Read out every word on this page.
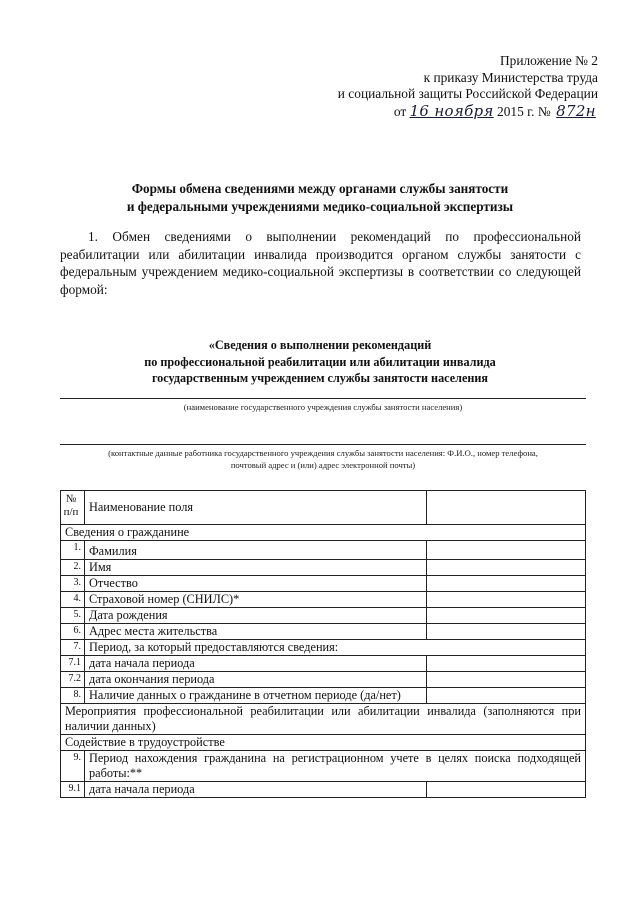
Приложение № 2
к приказу Министерства труда
и социальной защиты Российской Федерации
от 16 ноября 2015 г. № 872н
Формы обмена сведениями между органами службы занятости
и федеральными учреждениями медико-социальной экспертизы
1. Обмен сведениями о выполнении рекомендаций по профессиональной реабилитации или абилитации инвалида производится органом службы занятости с федеральным учреждением медико-социальной экспертизы в соответствии со следующей формой:
«Сведения о выполнении рекомендаций
по профессиональной реабилитации или абилитации инвалида
государственным учреждением службы занятости населения
(наименование государственного учреждения службы занятости населения)
(контактные данные работника государственного учреждения службы занятости населения: Ф.И.О., номер телефона,
почтовый адрес и (или) адрес электронной почты)
№ п/п	Наименование поля	
Сведения о гражданине		
1.	Фамилия	
2.	Имя	
3.	Отчество	
4.	Страховой номер (СНИЛС)*	
5.	Дата рождения	
6.	Адрес места жительства	
7.	Период, за который предоставляются сведения:	
7.1	дата начала периода	
7.2	дата окончания периода	
8.	Наличие данных о гражданине в отчетном периоде (да/нет)	
Мероприятия профессиональной реабилитации или абилитации инвалида (заполняются при наличии данных)		
Содействие в трудоустройстве		
9.	Период нахождения гражданина на регистрационном учете в целях поиска подходящей работы:**	
9.1	дата начала периода	
